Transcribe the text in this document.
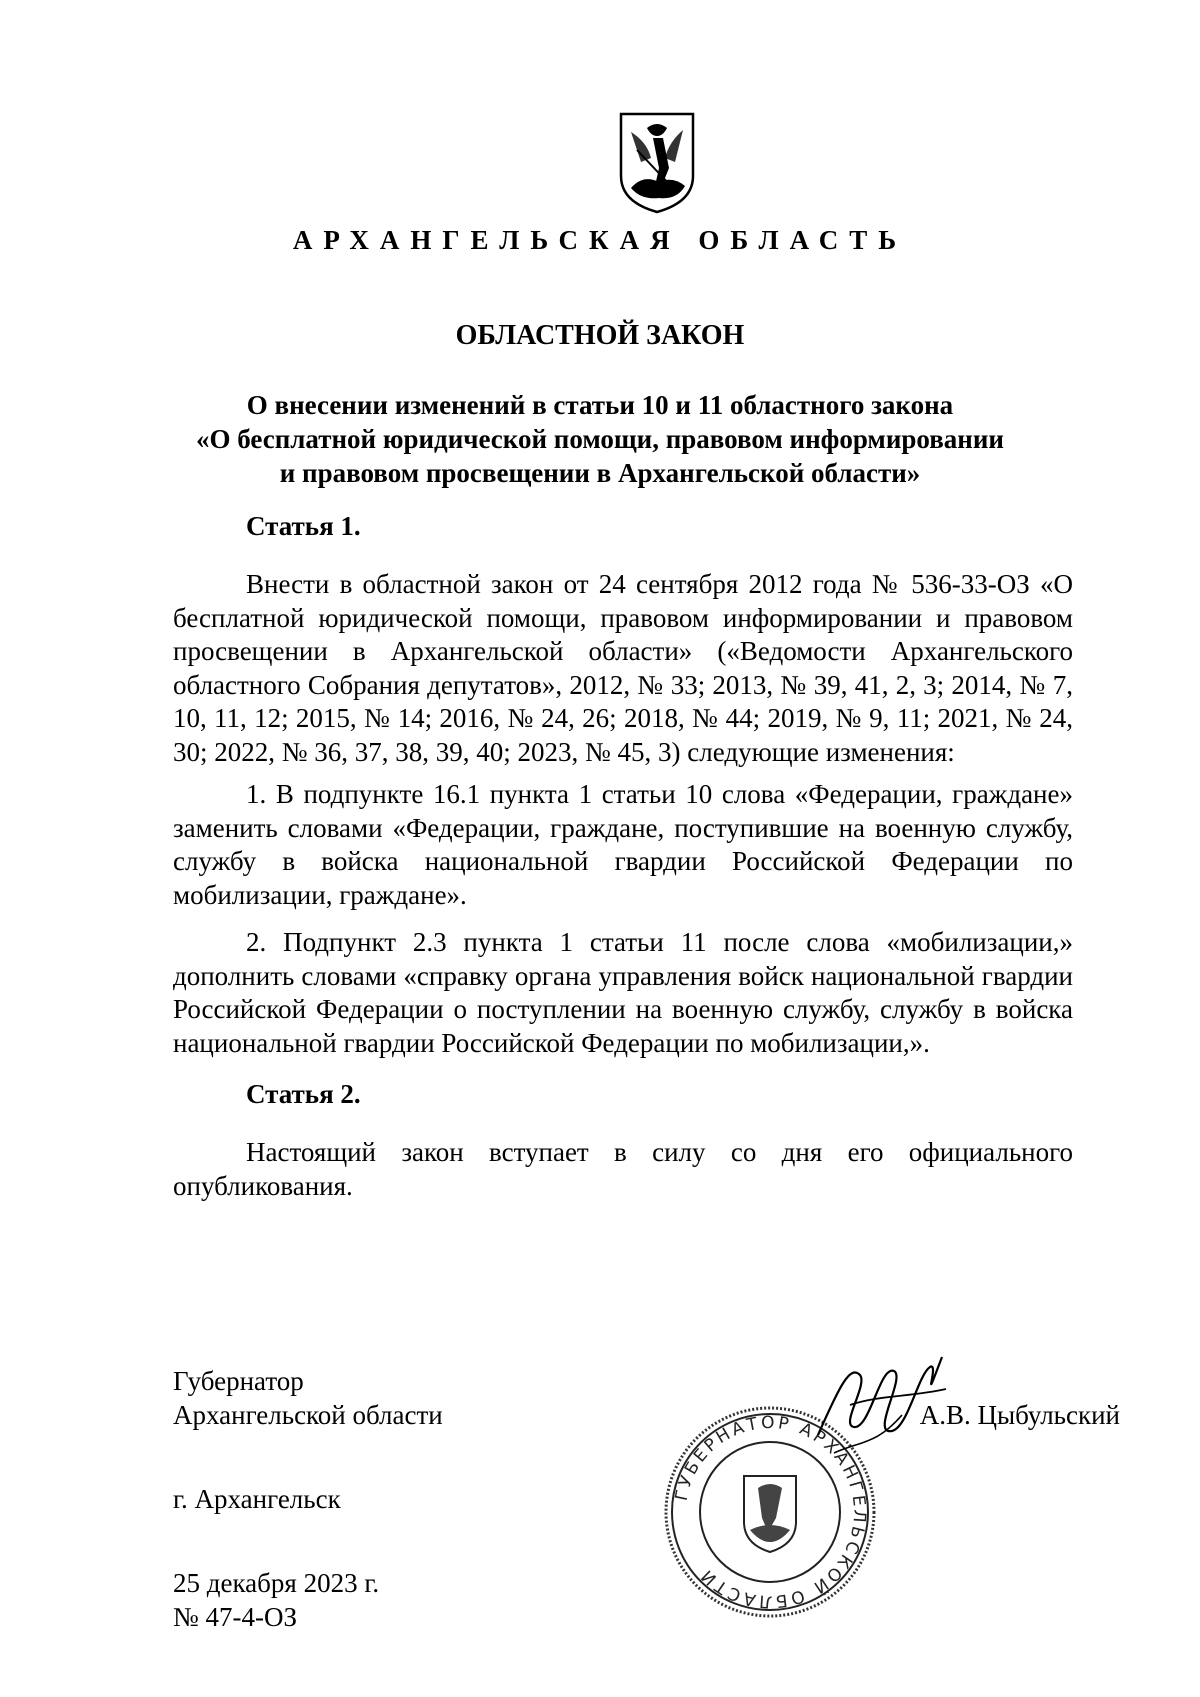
АРХАНГЕЛЬСКАЯ ОБЛАСТЬ
ОБЛАСТНОЙ ЗАКОН
О внесении изменений в статьи 10 и 11 областного закона
«О бесплатной юридической помощи, правовом информировании
и правовом просвещении в Архангельской области»
Статья 1.
Внести в областной закон от 24 сентября 2012 года № 536-33-ОЗ «О бесплатной юридической помощи, правовом информировании и правовом просвещении в Архангельской области» («Ведомости Архангельского областного Собрания депутатов», 2012, № 33; 2013, № 39, 41, 2, 3; 2014, № 7, 10, 11, 12; 2015, № 14; 2016, № 24, 26; 2018, № 44; 2019, № 9, 11; 2021, № 24, 30; 2022, № 36, 37, 38, 39, 40; 2023, № 45, 3) следующие изменения:
1. В подпункте 16.1 пункта 1 статьи 10 слова «Федерации, граждане» заменить словами «Федерации, граждане, поступившие на военную службу, службу в войска национальной гвардии Российской Федерации по мобилизации, граждане».
2. Подпункт 2.3 пункта 1 статьи 11 после слова «мобилизации,» дополнить словами «справку органа управления войск национальной гвардии Российской Федерации о поступлении на военную службу, службу в войска национальной гвардии Российской Федерации по мобилизации,».
Статья 2.
Настоящий закон вступает в силу со дня его официального опубликования.
Губернатор
Архангельской области
ГУБЕРНАТОР АРХАНГЕЛЬСКОЙ ОБЛАСТИ
А.В. Цыбульский
г. Архангельск
25 декабря 2023 г.
№ 47-4-ОЗ
